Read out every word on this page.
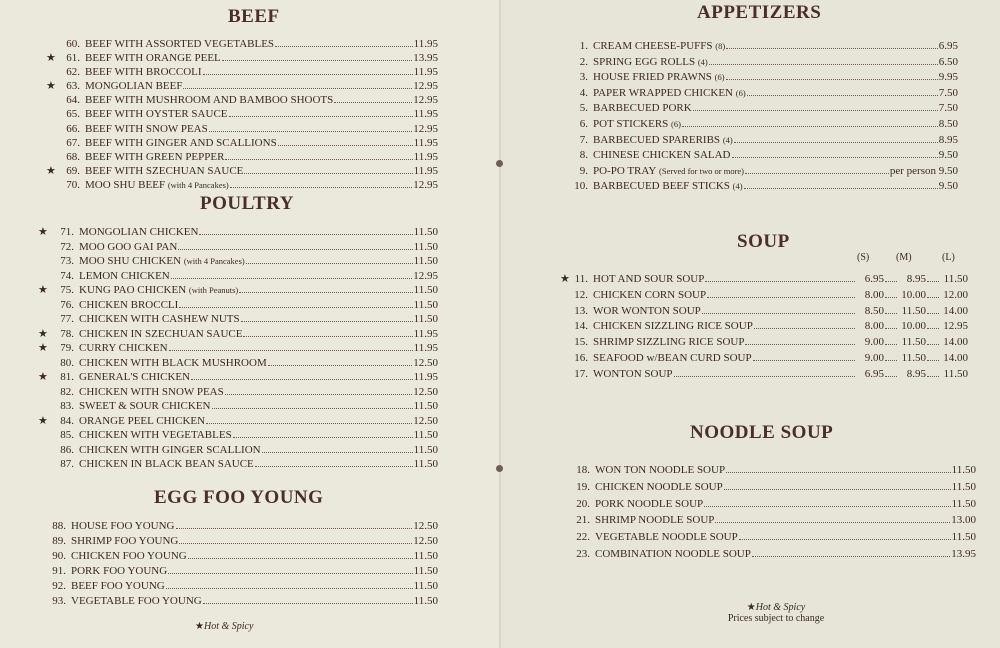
BEEF
60. BEEF WITH ASSORTED VEGETABLES	11.95
★ 61. BEEF WITH ORANGE PEEL	13.95
62. BEEF WITH BROCCOLI	11.95
★ 63. MONGOLIAN BEEF	12.95
64. BEEF WITH MUSHROOM AND BAMBOO SHOOTS	12.95
65. BEEF WITH OYSTER SAUCE	11.95
66. BEEF WITH SNOW PEAS	12.95
67. BEEF WITH GINGER AND SCALLIONS	11.95
68. BEEF WITH GREEN PEPPER	11.95
★ 69. BEEF WITH SZECHUAN SAUCE	11.95
70. MOO SHU BEEF
(with 4 Pancakes)	12.95
POULTRY
★	71. MONGOLIAN CHICKEN	11.50
72. MOO GOO GAI PAN	11.50
73. MOO SHU CHICKEN
(with 4 Pancakes)	11.50
74. LEMON CHICKEN	12.95
★	75. KUNG PAO CHICKEN
(with Peanuts)	11.50
76. CHICKEN BROCCLI	11.50
77. CHICKEN WITH CASHEW NUTS	11.50
★	78. CHICKEN IN SZECHUAN SAUCE	11.95
★	79. CURRY CHICKEN	11.95
80. CHICKEN WITH BLACK MUSHROOM	12.50
★	81. GENERAL'S CHICKEN	11.95
82. CHICKEN WITH SNOW PEAS	12.50
83. SWEET & SOUR CHICKEN	11.50
★	84. ORANGE PEEL CHICKEN	12.50
85. CHICKEN WITH VEGETABLES	11.50
86. CHICKEN WITH GINGER SCALLION	11.50
87. CHICKEN IN BLACK BEAN SAUCE	11.50
EGG FOO YOUNG
88. HOUSE FOO YOUNG	12.50
89. SHRIMP FOO YOUNG	12.50
90. CHICKEN FOO YOUNG	11.50
91. PORK FOO YOUNG	11.50
92. BEEF FOO YOUNG	11.50
93. VEGETABLE FOO YOUNG	11.50
★Hot & Spicy
APPETIZERS
1. CREAM CHEESE-PUFFS
(8)	6.95
2. SPRING EGG ROLLS
(4)	6.50
3. HOUSE FRIED PRAWNS
(6)	9.95
4. PAPER WRAPPED CHICKEN
(6)	7.50
5. BARBECUED PORK	7.50
6. POT STICKERS
(6)	8.50
7. BARBECUED SPARERIBS
(4)	8.95
8. CHINESE CHICKEN SALAD	9.50
9. PO-PO TRAY
(Served for two or more)	per person 9.50
10. BARBECUED BEEF STICKS
(4)	9.50
SOUP
(S)	(M)	(L)
★ 11. HOT AND SOUR SOUP	6.95	8.95	11.50
12. CHICKEN CORN SOUP	8.00 10.00 12.00
13. WOR WONTON SOUP	8.50	11.50 14.00
14. CHICKEN SIZZLING RICE SOUP	8.00 10.00 12.95
15. SHRIMP SIZZLING RICE SOUP	9.00	11.50 14.00
16. SEAFOOD w/BEAN CURD SOUP	9.00	11.50 14.00
17. WONTON SOUP	6.95	8.95	11.50
NOODLE SOUP
18. WON TON NOODLE SOUP	11.50
19. CHICKEN NOODLE SOUP	11.50
20. PORK NOODLE SOUP	11.50
21. SHRIMP NOODLE SOUP	13.00
22. VEGETABLE NOODLE SOUP	11.50
23. COMBINATION NOODLE SOUP	13.95
★Hot & Spicy
Prices subject to change
